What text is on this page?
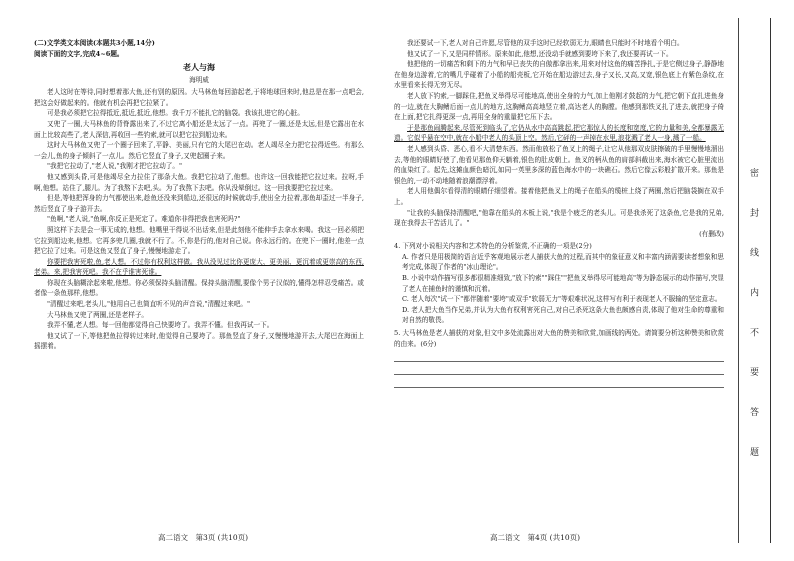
(二)文学类文本阅读(本题共3小题,14分)

阅读下面的文字,完成4~6题。

老人与海
海明威

老人这时在等待,同时想着那大鱼,还有别的原因。大马林鱼每回游起老,于将地球回来时,他总是在那一点吧会,把这会好做起来的。他就有机会再把它拉紧了。

可是我必须把它拉得抵近,抵近,抵近,他想。我千万不能扎它的脑袋。我该扎进它的心脏。

又兜了一圈,大马林鱼的背脊露出来了,不过它离小船还是太远了一点。再兜了一圈,还是太远,但是它露出在水面上比较高些了,老人深信,再收回一些钓索,就可以把它拉到船边来。

这时大马林鱼又兜了一个圈子回来了,平静、美丽,只有它的大尾巴在动。老人竭尽全力把它拉得近些。有那么一会儿,鱼的身子倾斜了一点儿。然后它竖直了身子,又兜起圈子来。

"我把它拉动了,"老人说,"我刚才把它拉动了。"

他又感到头昏,可是他竭尽全力拉住了那条大鱼。我把它拉动了,他想。也许这一回我能把它拉过来。拉呀,手啊,他想。站住了,腿儿。为了我熬下去吧,头。为了我熬下去吧。你从没晕倒过。这一回我要把它拉过来。

但是,等他把浑身的力气都使出来,趁鱼还没来到船边,还很远的时候就动手,使出全力拉着,那鱼却歪过一半身子,然后竖直了身子游开去。

"鱼啊,"老人说,"鱼啊,你反正是死定了。难道你非得把我也害死吗?"

照这样下去是会一事无成的,他想。他嘴里干得说不出话来,但是此刻他不能伸手去拿水来喝。我这一回必须把它拉到船边来,他想。它再多兜几圈,我就不行了。不,你是行的,他对自己说。你永远行的。在兜下一圈时,他差一点把它拉了过来。可是这鱼又竖直了身子,慢慢地游走了。

你要把我害死啦,鱼,老人想。不过你有权利这样做。我从没见过比你更庞大、更美丽、更沉着或更崇高的东西,老弟。来,把我害死吧。我不在乎谁害死谁。

你现在头脑糊涂起来啦,他想。你必须保持头脑清醒。保持头脑清醒,要像个男子汉似的,懂得怎样忍受痛苦。或者像一条鱼那样,他想。

"清醒过来吧,老头儿,"他用自己也简直听不见的声音说,"清醒过来吧。"

大马林鱼又兜了两圈,还是老样子。

我弄不懂,老人想。每一回他都觉得自己快要垮了。我弄不懂。但我再试一下。

他又试了一下,等他把鱼拉得转过来时,他觉得自己要垮了。那鱼竖直了身子,又慢慢地游开去,大尾巴在海面上摇摆着。

高二语文　第3页 (共10页)

我还要试一下,老人对自己许愿,尽管他的双手这时已经软弱无力,眼睛也只能时不时地看个明白。

他又试了一下,又是同样情形。原来如此,他想,还没动手就感到要垮下来了,我还要再试一下。

他把他的一切痛苦和剩下的力气和早已丧失的自傲都拿出来,用来对付这鱼的痛苦挣扎,于是它侧过身子,静静地在他身边游着,它的嘴几乎碰着了小船的船壳板,它开始在船边游过去,身子又长,又高,又宽,银色底上有紫色条纹,在水里看来长得无穷无尽。

老人放下钓索,一脚踩住,把鱼叉举得尽可能地高,使出全身的力气,加上他刚才鼓起的力气,把它朝下直扎进鱼身的一边,就在大胸鳍后面一点儿的地方,这胸鳍高高地竖立着,高达老人的胸膛。他感到那铁叉扎了进去,就把身子倚在上面,把它扎得更深一点,再用全身的重量把它压下去。

于是那鱼闹腾起来,尽管死到临头了,它仍从水中高高跳起,把它那惊人的长度和宽度,它的力量和美,全都暴露无遗。它似乎悬在空中,就在小船中老人的头顶上空。然后,它砰的一声掉在水里,浪花溅了老人一身,溅了一船。

老人感到头昏、恶心,看不大清楚东西。然而他放松了鱼叉上的绳子,让它从他那双皮肤擦破的手里慢慢地溜出去,等他的眼睛好使了,他看见那鱼仰天躺着,银色的肚皮朝上。鱼叉的柄从鱼的肩部斜截出来,海水被它心脏里流出的血染红了。起先,这摊血颜色暗沉,如同一英里多深的蓝色海水中的一块礁石。然后它像云彩般扩散开来。那鱼是银色的,一动不动地随着浪潮漂浮着。

老人用他偶尔看得清的眼睛仔细望着。接着他把鱼叉上的绳子在船头的缆桩上绕了两圈,然后把脑袋搁在双手上。

"让我的头脑保持清醒吧,"他靠在船头的木板上说,"我是个疲乏的老头儿。可是我杀死了这条鱼,它是我的兄弟,现在我得去干苦活儿了。"

(有删改)

4. 下列对小说相关内容和艺术特色的分析鉴赏,不正确的一项是(2分)

A. 作者只是用极简的语言近乎客观地展示老人捕获大鱼的过程,而其中的象征意义和丰富内涵需要读者想象和思考完成,体现了作者的"冰山理论"。

B. 小说中动作描写很多都很精准细致,"放下钓索""踩住""把鱼叉举得尽可能地高"等为静态展示的动作描写,突显了老人在捕鱼时的谨慎和沉着。

C. 老人每次"试一下"都伴随着"要垮"或双手"软弱无力"等艰难状况,这样写有利于表现老人不服输的坚定意志。

D. 老人把大鱼当作兄弟,并认为大鱼有权利害死自己,对自己杀死这条大鱼也颇感自责,体现了他对生命的尊重和对自然的敬畏。

5. 大马林鱼是老人捕获的对象,但文中多处流露出对大鱼的赞美和欣赏,加画线的两处。请简要分析这种赞美和欣赏的由来。(6分)

高二语文　第4页 (共10页)
密 封 线 内 不 要 答 题
